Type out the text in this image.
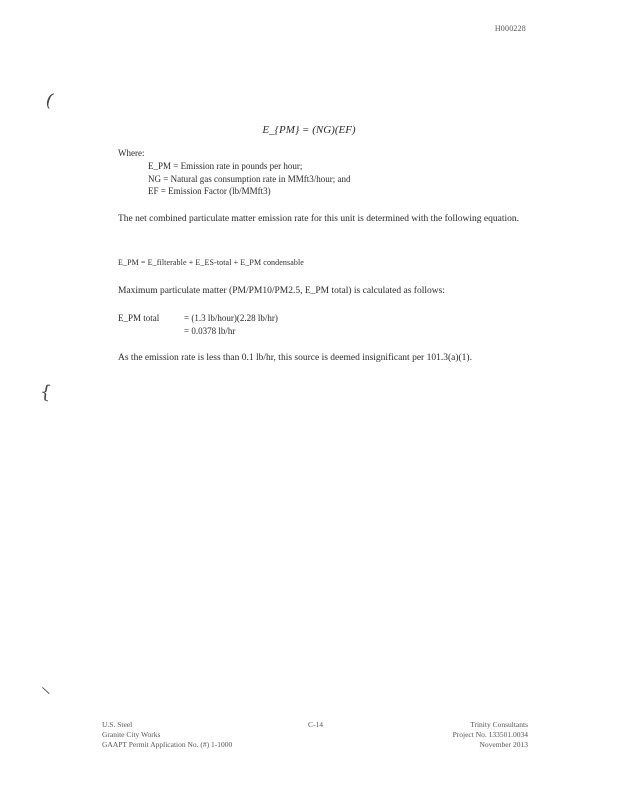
H000228
(
{
\
E_{PM} = (NG)(EF)
Where:
E_PM = Emission rate in pounds per hour;
NG = Natural gas consumption rate in MMft3/hour; and
EF = Emission Factor (lb/MMft3)
The net combined particulate matter emission rate for this unit is determined with the following equation.
E_PM = E_filterable + E_ES-total + E_PM condensable
Maximum particulate matter (PM/PM10/PM2.5, E_PM total) is calculated as follows:
E_PM total	= (1.3 lb/hour)(2.28 lb/hr)
= 0.0378 lb/hr
As the emission rate is less than 0.1 lb/hr, this source is deemed insignificant per 101.3(a)(1).
U.S. Steel
Granite City Works
GAAPT Permit Application No. (#) 1-1000
C-14	Trinity Consultants
Project No. 133501.0034
November 2013
